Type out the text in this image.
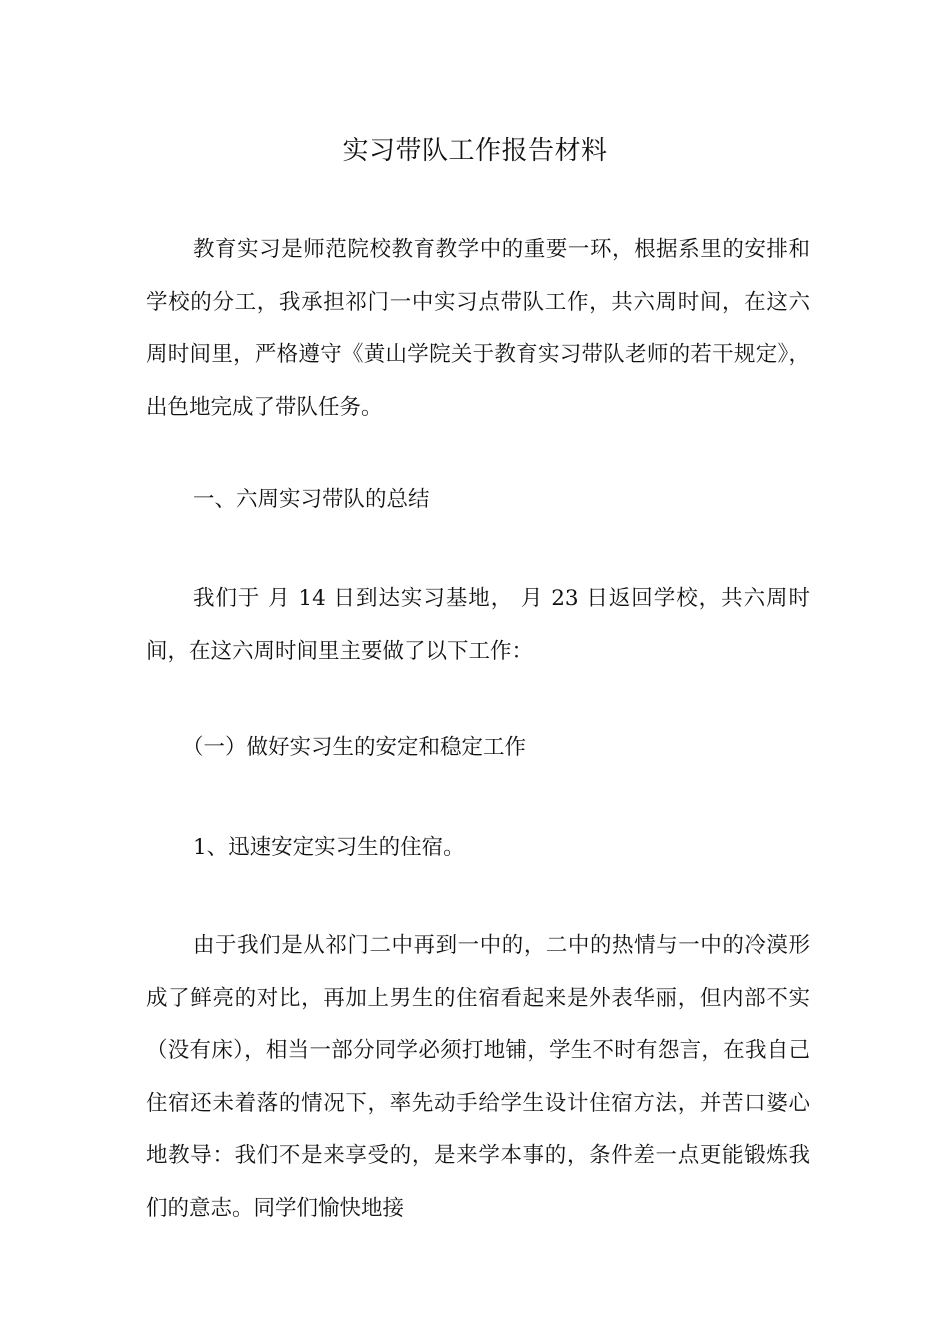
实习带队工作报告材料

教育实习是师范院校教育教学中的重要一环，根据系里的安排和学校的分工，我承担祁门一中实习点带队工作，共六周时间，在这六周时间里，严格遵守《黄山学院关于教育实习带队老师的若干规定》，出色地完成了带队任务。

一、六周实习带队的总结

我们于 月 14 日到达实习基地， 月 23 日返回学校，共六周时间，在这六周时间里主要做了以下工作：

（一）做好实习生的安定和稳定工作

1、迅速安定实习生的住宿。

由于我们是从祁门二中再到一中的，二中的热情与一中的冷漠形成了鲜亮的对比，再加上男生的住宿看起来是外表华丽，但内部不实（没有床），相当一部分同学必须打地铺，学生不时有怨言，在我自己住宿还未着落的情况下，率先动手给学生设计住宿方法，并苦口婆心地教导：我们不是来享受的，是来学本事的，条件差一点更能锻炼我们的意志。同学们愉快地接
